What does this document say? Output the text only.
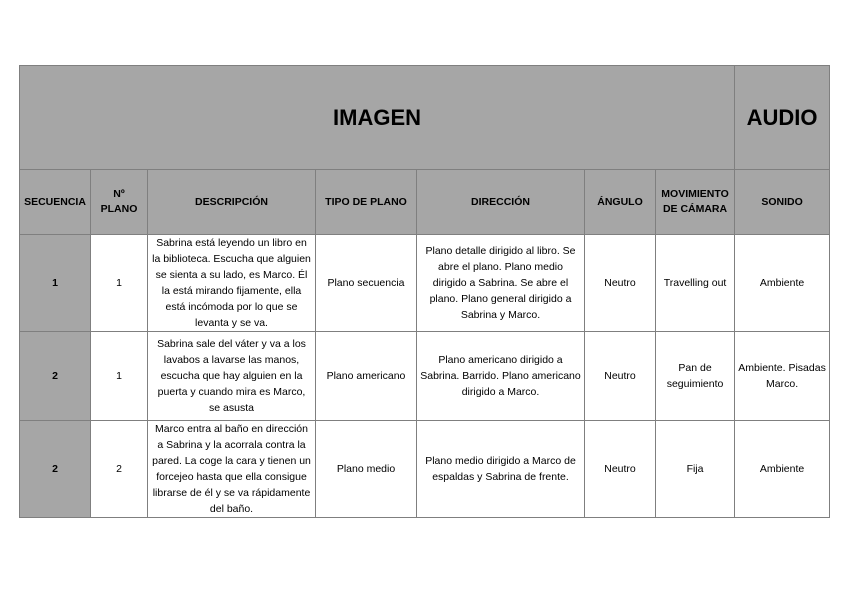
IMAGEN							AUDIO
SECUENCIA	Nº PLANO	DESCRIPCIÓN	TIPO DE PLANO	DIRECCIÓN	ÁNGULO	MOVIMIENTO DE CÁMARA	SONIDO
1	1	Sabrina está leyendo un libro en la biblioteca. Escucha que alguien se sienta a su lado, es Marco. Él la está mirando fijamente, ella está incómoda por lo que se levanta y se va.	Plano secuencia	Plano detalle dirigido al libro. Se abre el plano. Plano medio dirigido a Sabrina. Se abre el plano. Plano general dirigido a Sabrina y Marco.	Neutro	Travelling out	Ambiente
2	1	Sabrina sale del váter y va a los lavabos a lavarse las manos, escucha que hay alguien en la puerta y cuando mira es Marco, se asusta	Plano americano	Plano americano dirigido a Sabrina. Barrido. Plano americano dirigido a Marco.	Neutro	Pan de seguimiento	Ambiente. Pisadas Marco.
2	2	Marco entra al baño en dirección a Sabrina y la acorrala contra la pared. La coge la cara y tienen un forcejeo hasta que ella consigue librarse de él y se va rápidamente del baño.	Plano medio	Plano medio dirigido a Marco de espaldas y Sabrina de frente.	Neutro	Fija	Ambiente
